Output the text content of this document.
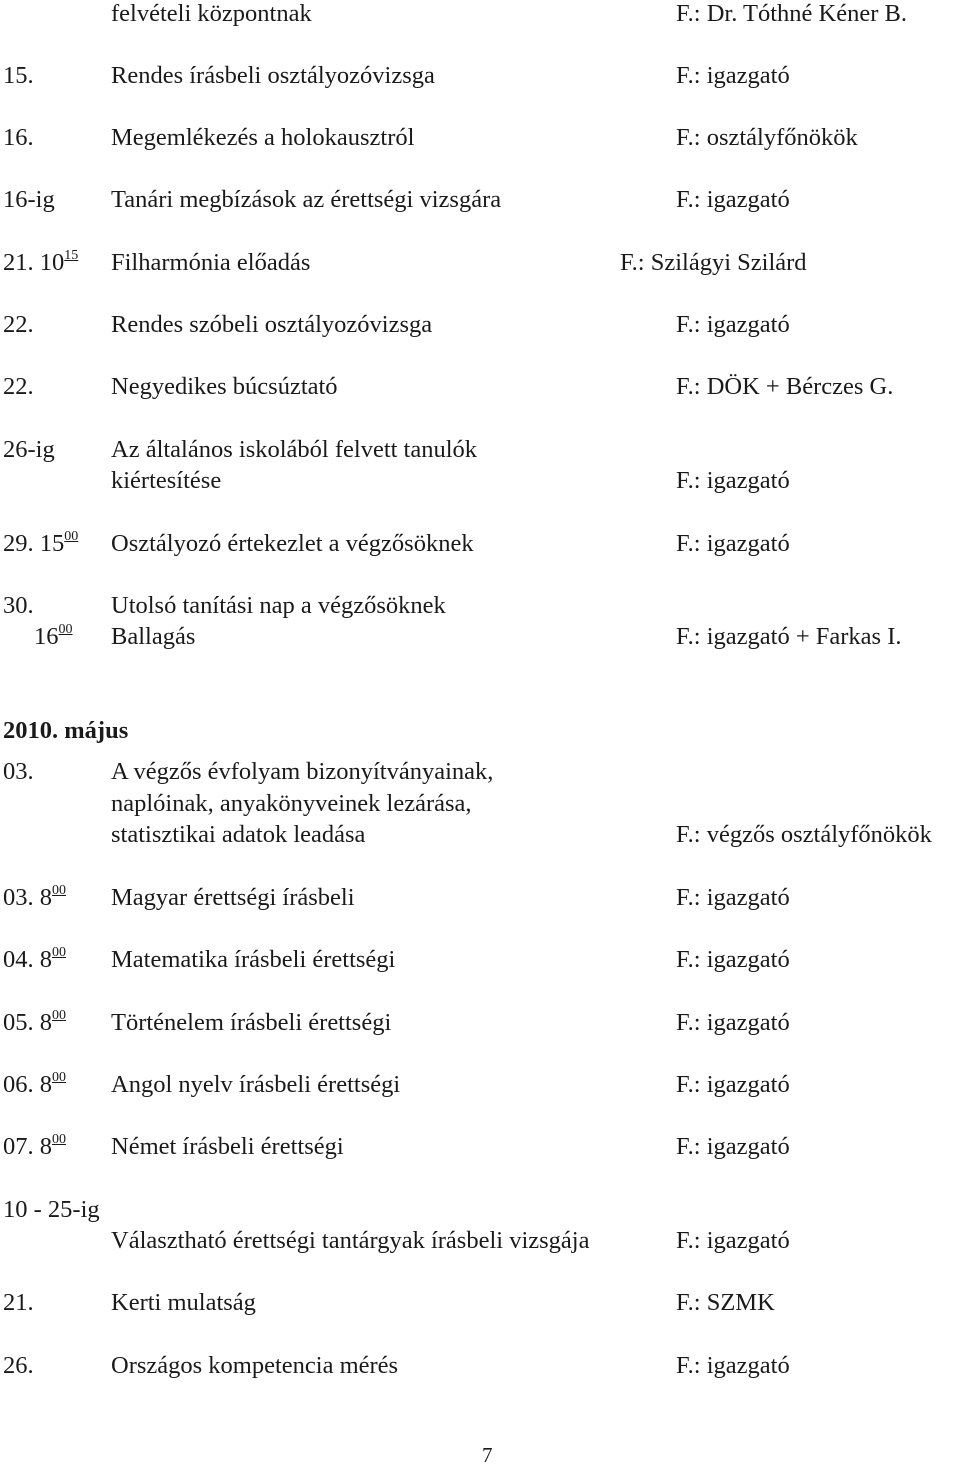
felvételi központnak	F.: Dr. Tóthné Kéner B.
15.	Rendes írásbeli osztályozóvizsga	F.: igazgató
16.	Megemlékezés a holokausztról	F.: osztályfőnökök
16-ig Tanári megbízások az érettségi vizsgára	F.: igazgató
21. $10^{15}$ Filharmónia előadás	F.: Szilágyi Szilárd
22.	Rendes szóbeli osztályozóvizsga	F.: igazgató
22.	Negyedikes búcsúztató	F.: DÖK + Bérczes G.
26-ig Az általános iskolából felvett tanulók
kiértesítése	F.: igazgató
29. $15^{00}$ Osztályozó értekezlet a végzősöknek	F.: igazgató
30.	Utolsó tanítási nap a végzősöknek
$16^{00}$ Ballagás	F.: igazgató + Farkas I.
2010. május
03.	A végzős évfolyam bizonyítványainak,
naplóinak, anyakönyveinek lezárása,
statisztikai adatok leadása	F.: végzős osztályfőnökök
03. $8^{00}$ Magyar érettségi írásbeli	F.: igazgató
04. $8^{00}$ Matematika írásbeli érettségi	F.: igazgató
05. $8^{00}$ Történelem írásbeli érettségi	F.: igazgató
06. $8^{00}$ Angol nyelv írásbeli érettségi	F.: igazgató
07. $8^{00}$ Német írásbeli érettségi	F.: igazgató
10 - 25-ig
Választható érettségi tantárgyak írásbeli vizsgája	F.: igazgató
21.	Kerti mulatság	F.: SZMK
26.	Országos kompetencia mérés	F.: igazgató
7
